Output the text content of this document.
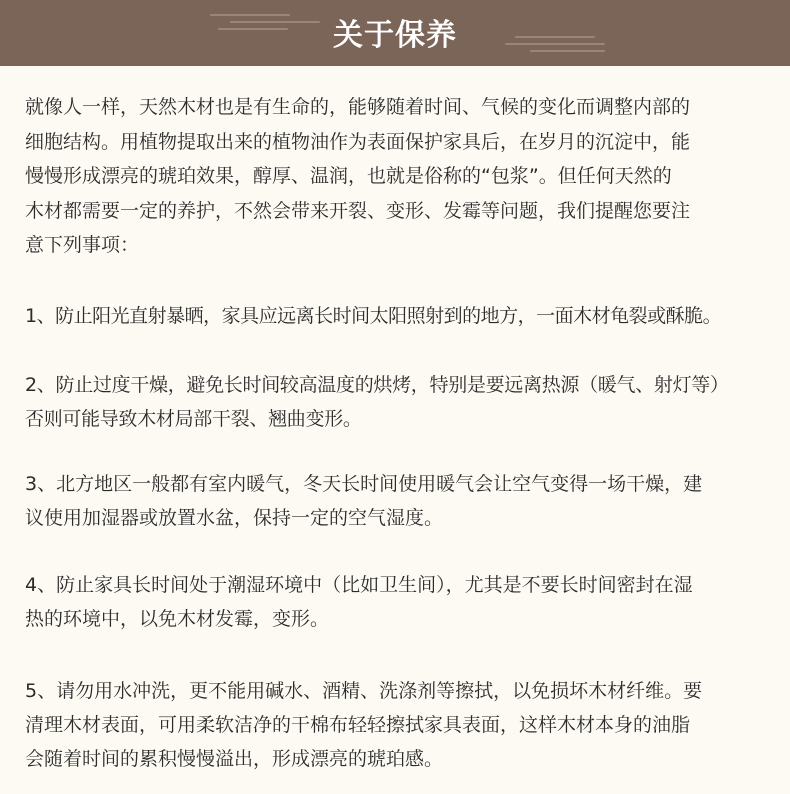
关于保养

就像人一样，天然木材也是有生命的，能够随着时间、气候的变化而调整内部的
细胞结构。用植物提取出来的植物油作为表面保护家具后，在岁月的沉淀中，能
慢慢形成漂亮的琥珀效果，醇厚、温润，也就是俗称的“包浆”。但任何天然的
木材都需要一定的养护，不然会带来开裂、变形、发霉等问题，我们提醒您要注
意下列事项：

1、防止阳光直射暴晒，家具应远离长时间太阳照射到的地方，一面木材龟裂或酥脆。

2、防止过度干燥，避免长时间较高温度的烘烤，特别是要远离热源（暖气、射灯等）
否则可能导致木材局部干裂、翘曲变形。

3、北方地区一般都有室内暖气，冬天长时间使用暖气会让空气变得一场干燥，建
议使用加湿器或放置水盆，保持一定的空气湿度。

4、防止家具长时间处于潮湿环境中（比如卫生间），尤其是不要长时间密封在湿
热的环境中，以免木材发霉，变形。

5、请勿用水冲洗，更不能用碱水、酒精、洗涤剂等擦拭，以免损坏木材纤维。要
清理木材表面，可用柔软洁净的干棉布轻轻擦拭家具表面，这样木材本身的油脂
会随着时间的累积慢慢溢出，形成漂亮的琥珀感。
